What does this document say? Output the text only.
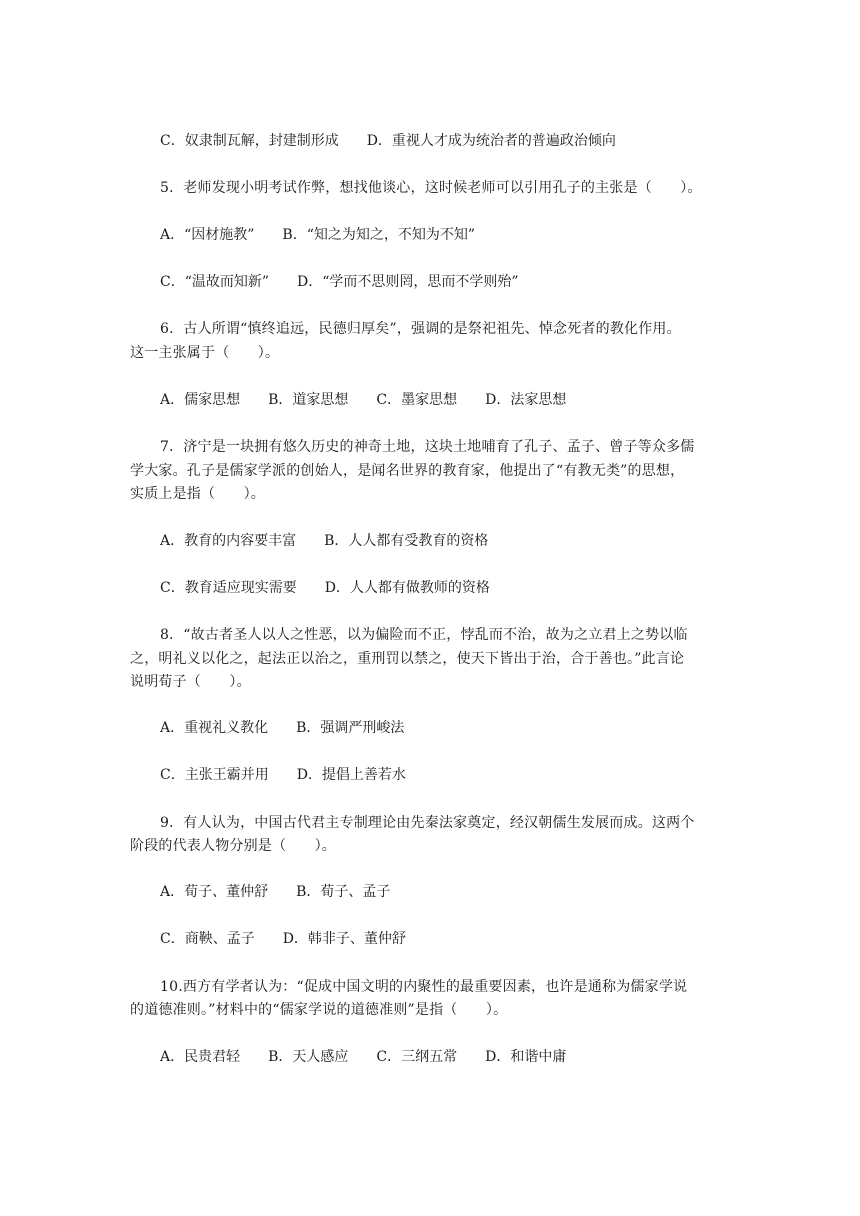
C．奴隶制瓦解，封建制形成　　D．重视人才成为统治者的普遍政治倾向
5．老师发现小明考试作弊，想找他谈心，这时候老师可以引用孔子的主张是（　　）。
A．“因材施教”　　B．“知之为知之，不知为不知”
C．“温故而知新”　　D．“学而不思则罔，思而不学则殆”
6．古人所谓“慎终追远，民德归厚矣”，强调的是祭祀祖先、悼念死者的教化作用。
这一主张属于（　　）。
A．儒家思想　　B．道家思想　　C．墨家思想　　D．法家思想
7．济宁是一块拥有悠久历史的神奇土地，这块土地哺育了孔子、孟子、曾子等众多儒
学大家。孔子是儒家学派的创始人，是闻名世界的教育家，他提出了“有教无类”的思想，
实质上是指（　　）。
A．教育的内容要丰富　　B．人人都有受教育的资格
C．教育适应现实需要　　D．人人都有做教师的资格
8．“故古者圣人以人之性恶，以为偏险而不正，悖乱而不治，故为之立君上之势以临
之，明礼义以化之，起法正以治之，重刑罚以禁之，使天下皆出于治，合于善也。”此言论
说明荀子（　　）。
A．重视礼义教化　　B．强调严刑峻法
C．主张王霸并用　　D．提倡上善若水
9．有人认为，中国古代君主专制理论由先秦法家奠定，经汉朝儒生发展而成。这两个
阶段的代表人物分别是（　　）。
A．荀子、董仲舒　　B．荀子、孟子
C．商鞅、孟子　　D．韩非子、董仲舒
10.西方有学者认为：“促成中国文明的内聚性的最重要因素，也许是通称为儒家学说
的道德准则。”材料中的“儒家学说的道德准则”是指（　　）。
A．民贵君轻　　B．天人感应　　C．三纲五常　　D．和谐中庸
